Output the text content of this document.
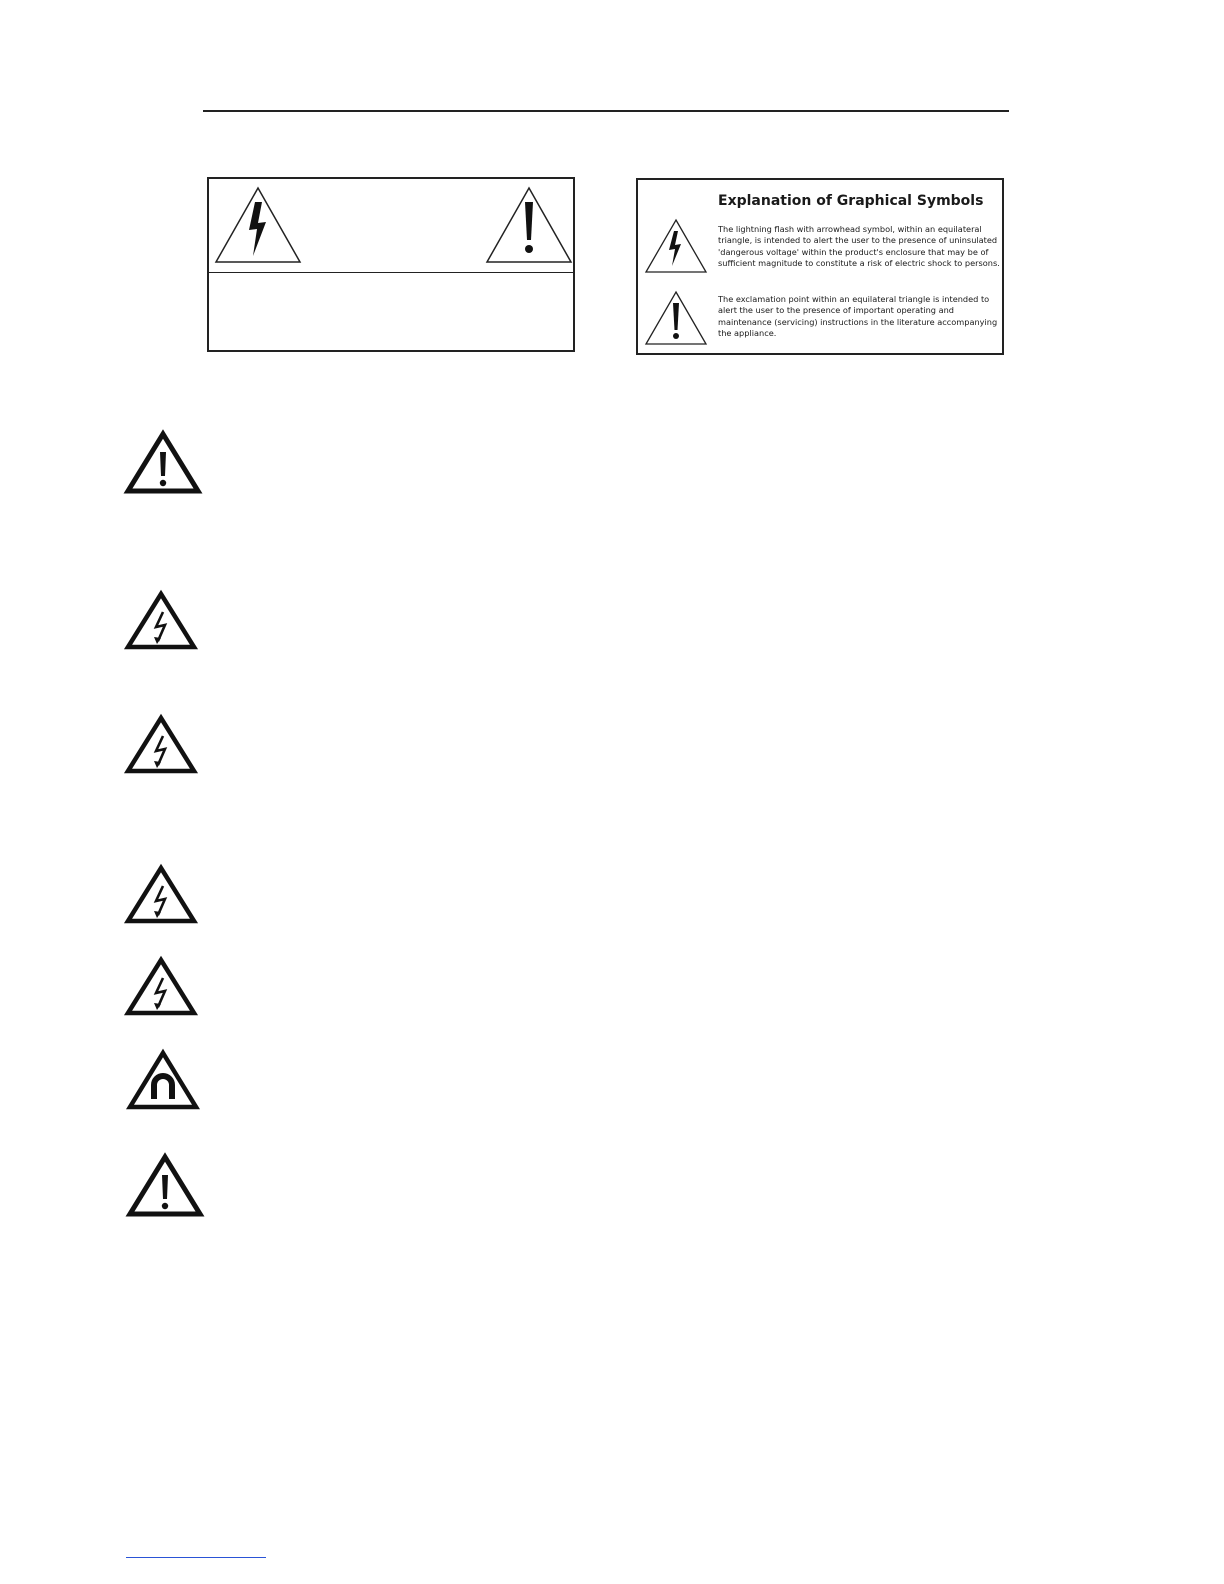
Explanation of Graphical Symbols
The lightning flash with arrowhead symbol, within an equilateral triangle, is intended to alert the user to the presence of uninsulated 'dangerous voltage' within the product's enclosure that may be of sufficient magnitude to constitute a risk of electric shock to persons.
The exclamation point within an equilateral triangle is intended to alert the user to the presence of important operating and maintenance (servicing) instructions in the literature accompanying the appliance.
